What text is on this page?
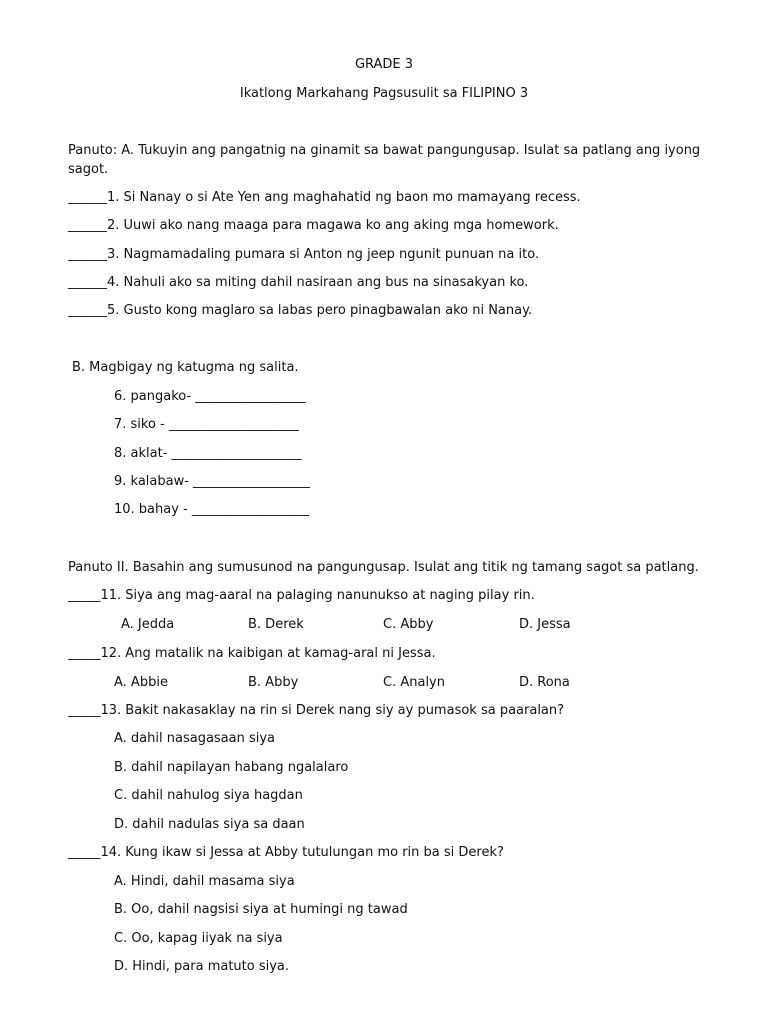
GRADE 3
Ikatlong Markahang Pagsusulit sa FILIPINO 3
Panuto: A. Tukuyin ang pangatnig na ginamit sa bawat pangungusap. Isulat sa patlang ang iyong sagot.
______1. Si Nanay o si Ate Yen ang maghahatid ng baon mo mamayang recess.
______2. Uuwi ako nang maaga para magawa ko ang aking mga homework.
______3. Nagmamadaling pumara si Anton ng jeep ngunit punuan na ito.
______4. Nahuli ako sa miting dahil nasiraan ang bus na sinasakyan ko.
______5. Gusto kong maglaro sa labas pero pinagbawalan ako ni Nanay.
B. Magbigay ng katugma ng salita.
6. pangako- _________________
7. siko - ____________________
8. aklat- ____________________
9. kalabaw- __________________
10. bahay - __________________
Panuto II. Basahin ang sumusunod na pangungusap. Isulat ang titik ng tamang sagot sa patlang.
_____11. Siya ang mag-aaral na palaging nanunukso at naging pilay rin.
A. Jedda	B. Derek	C. Abby	D. Jessa
_____12. Ang matalik na kaibigan at kamag-aral ni Jessa.
A. Abbie	B. Abby	C. Analyn	D. Rona
_____13. Bakit nakasaklay na rin si Derek nang siy ay pumasok sa paaralan?
A. dahil nasagasaan siya
B. dahil napilayan habang ngalalaro
C. dahil nahulog siya hagdan
D. dahil nadulas siya sa daan
_____14. Kung ikaw si Jessa at Abby tutulungan mo rin ba si Derek?
A. Hindi, dahil masama siya
B. Oo, dahil nagsisi siya at humingi ng tawad
C. Oo, kapag iiyak na siya
D. Hindi, para matuto siya.
